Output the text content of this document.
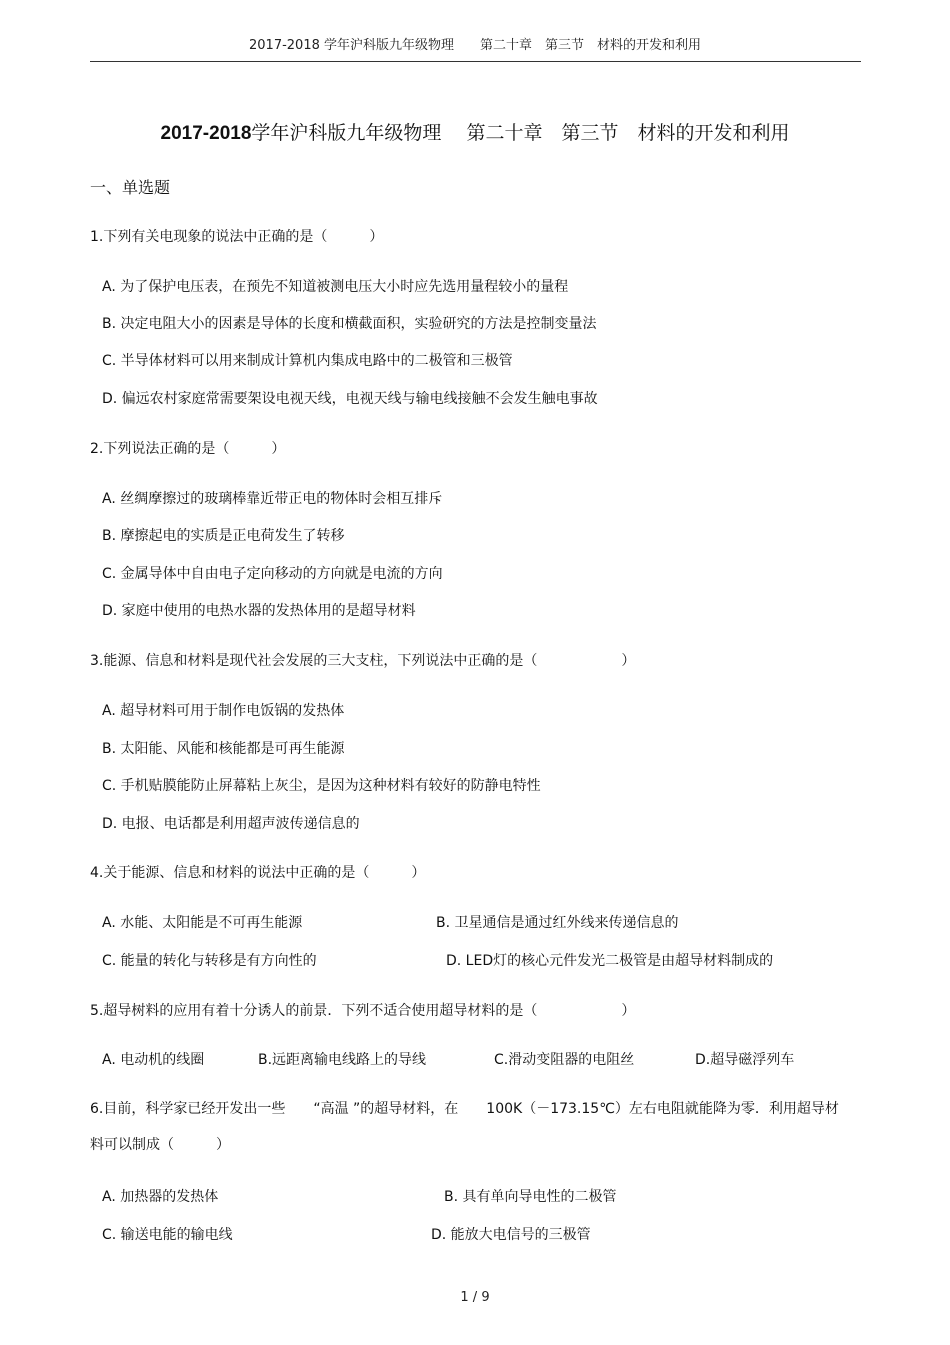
2017-2018 学年沪科版九年级物理　　第二十章　第三节　材料的开发和利用
2017-2018学年沪科版九年级物理　 第二十章　第三节　材料的开发和利用
一、单选题
1.下列有关电现象的说法中正确的是（　　　）
A. 为了保护电压表，在预先不知道被测电压大小时应先选用量程较小的量程
B. 决定电阻大小的因素是导体的长度和横截面积，实验研究的方法是控制变量法
C. 半导体材料可以用来制成计算机内集成电路中的二极管和三极管
D. 偏远农村家庭常需要架设电视天线，电视天线与输电线接触不会发生触电事故
2.下列说法正确的是（　　　）
A. 丝绸摩擦过的玻璃棒靠近带正电的物体时会相互排斥
B. 摩擦起电的实质是正电荷发生了转移
C. 金属导体中自由电子定向移动的方向就是电流的方向
D. 家庭中使用的电热水器的发热体用的是超导材料
3.能源、信息和材料是现代社会发展的三大支柱，下列说法中正确的是（　　　　　　）
A. 超导材料可用于制作电饭锅的发热体
B. 太阳能、风能和核能都是可再生能源
C. 手机贴膜能防止屏幕粘上灰尘，是因为这种材料有较好的防静电特性
D. 电报、电话都是利用超声波传递信息的
4.关于能源、信息和材料的说法中正确的是（　　　）
A. 水能、太阳能是不可再生能源	B. 卫星通信是通过红外线来传递信息的
C. 能量的转化与转移是有方向性的	D. LED灯的核心元件发光二极管是由超导材料制成的
5.超导树料的应用有着十分诱人的前景．下列不适合使用超导材料的是（　　　　　　）
A. 电动机的线圈	B.远距离输电线路上的导线	C.滑动变阻器的电阻丝	D.超导磁浮列车
6.目前，科学家已经开发出一些　　“高温 ”的超导材料，在　　100K（－173.15℃）左右电阻就能降为零．利用超导材料可以制成（　　　）
A. 加热器的发热体	B. 具有单向导电性的二极管
C. 输送电能的输电线	D. 能放大电信号的三极管
1 / 9
